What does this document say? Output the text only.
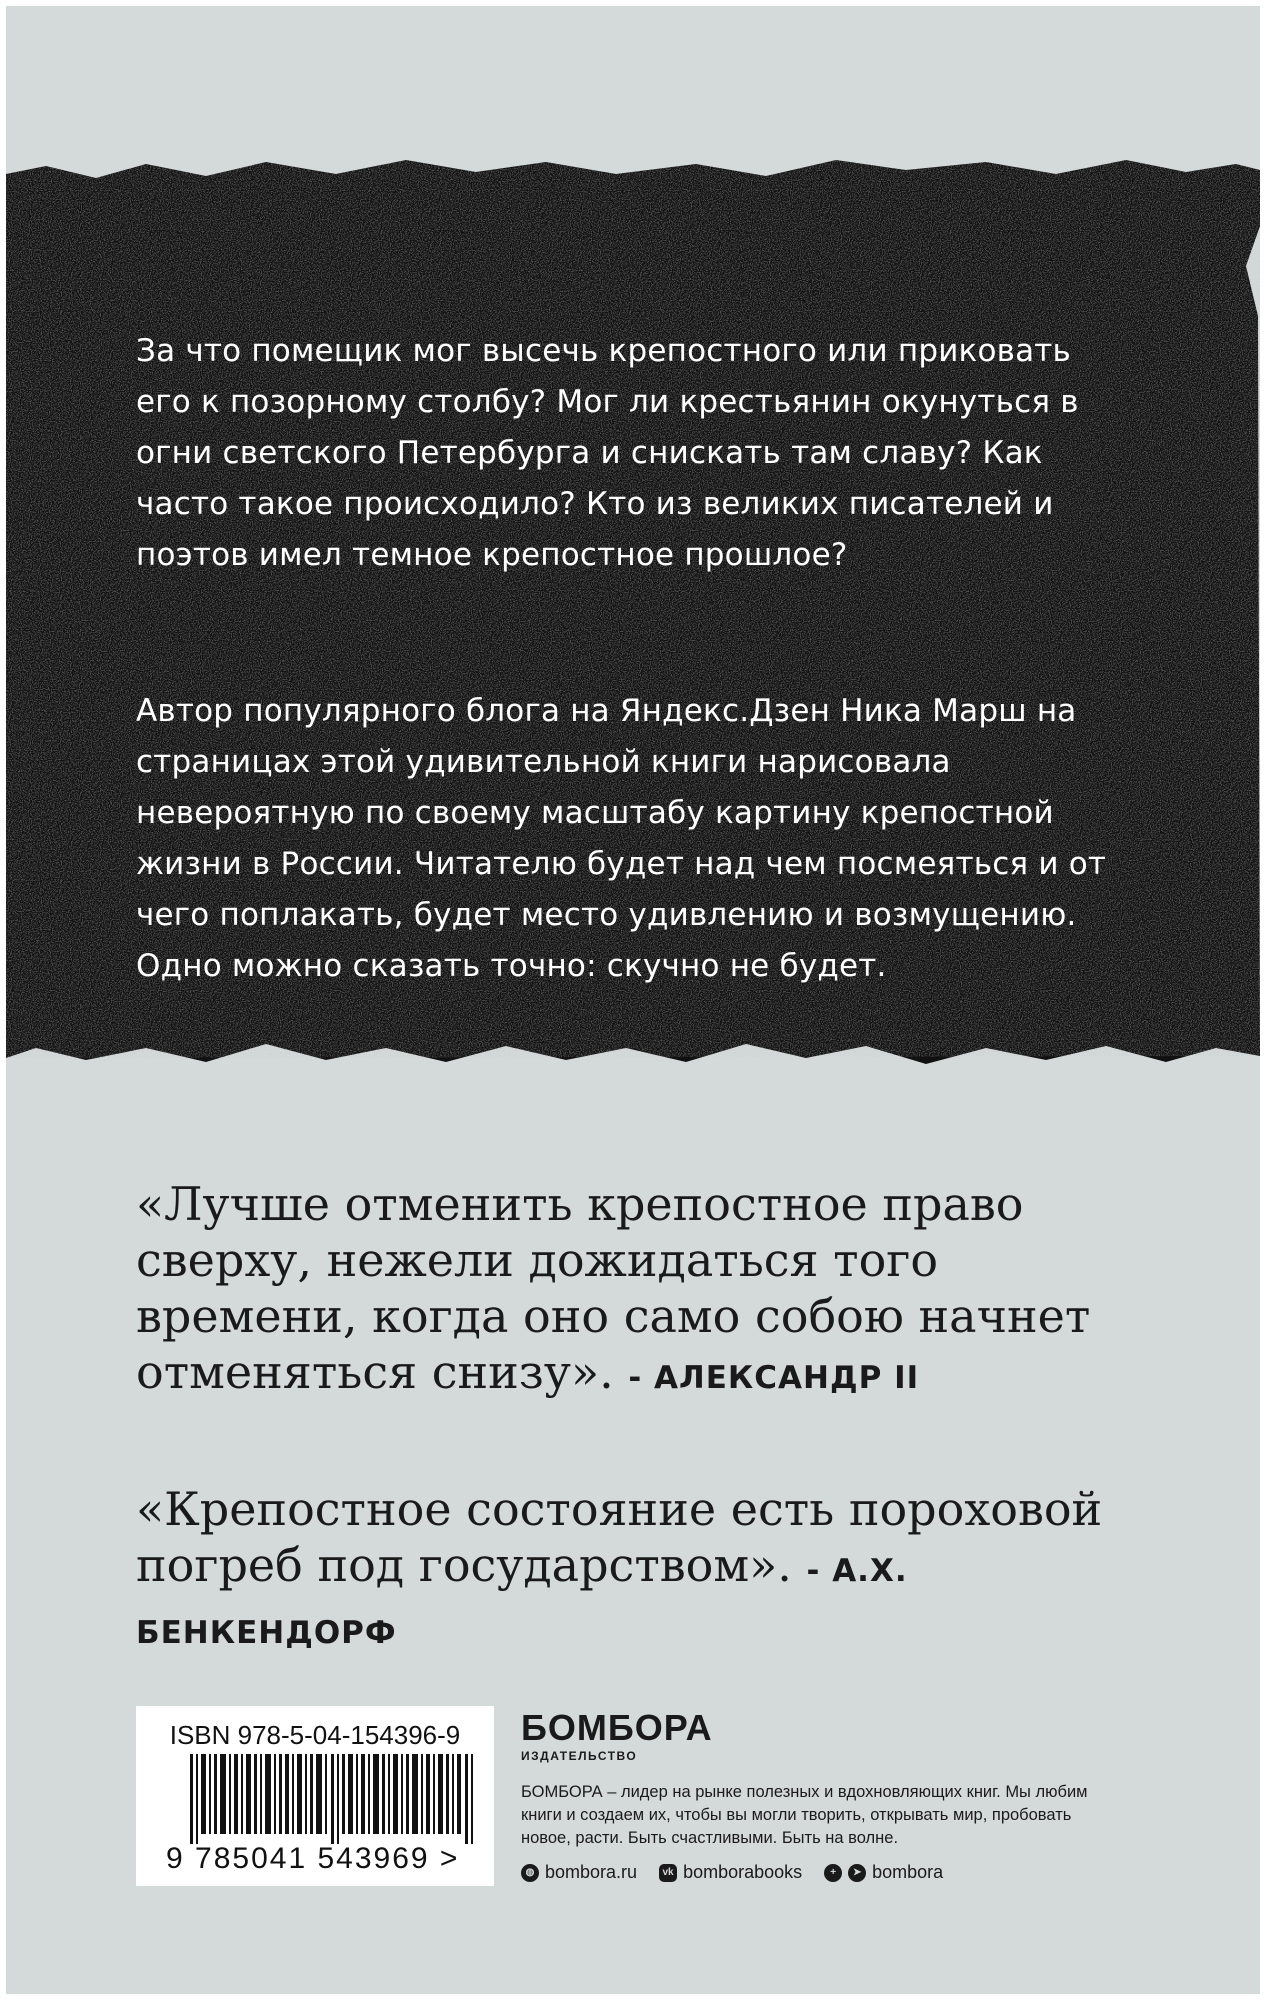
За что помещик мог высечь крепостного или приковать его к позорному столбу? Мог ли крестьянин окунуться в огни светского Петербурга и снискать там славу? Как часто такое происходило? Кто из великих писателей и поэтов имел темное крепостное прошлое?

Автор популярного блога на Яндекс.Дзен Ника Марш на страницах этой удивительной книги нарисовала невероятную по своему масштабу картину крепостной жизни в России. Читателю будет над чем посмеяться и от чего поплакать, будет место удивлению и возмущению. Одно можно сказать точно: скучно не будет.

«Лучше отменить крепостное право сверху, нежели дожидаться того времени, когда оно само собою начнет отменяться снизу». - АЛЕКСАНДР II
«Крепостное состояние есть пороховой погреб под государством». - А.Х. БЕНКЕНДОРФ
ISBN 978-5-04-154396-9
9 785041 543969 >
БОМБОРА
ИЗДАТЕЛЬСТВО
БОМБОРА – лидер на рынке полезных и вдохновляющих книг. Мы любим книги и создаем их, чтобы вы могли творить, открывать мир, пробовать новое, расти. Быть счастливыми. Быть на волне.
◍ bombora.ru	vk bomborabooks	+	➤ bombora
